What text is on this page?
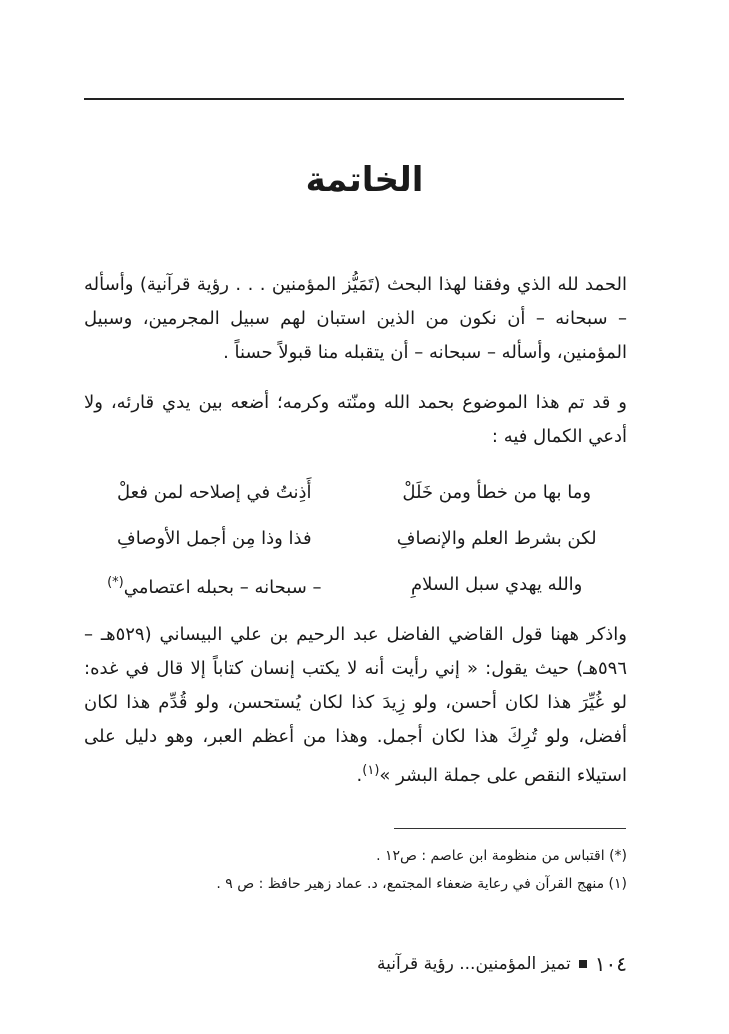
الخاتمة

الحمد لله الذي وفقنا لهذا البحث (تَمَيُّز المؤمنين . . . رؤية قرآنية) وأسأله – سبحانه – أن نكون من الذين استبان لهم سبيل المجرمين، وسبيل المؤمنين، وأسأله – سبحانه – أن يتقبله منا قبولاً حسناً .

و قد تم هذا الموضوع بحمد الله ومنّته وكرمه؛ أضعه بين يدي قارئه، ولا أدعي الكمال فيه :

وما بها من خطأ ومن خَلَلْ
أَذِنتُ في إصلاحه لمن فعلْ
لكن بشرط العلم والإنصافِ
فذا وذا مِن أجمل الأوصافِ
والله يهدي سبل السلامِ
– سبحانه – بحبله اعتصامي(*)

واذكر ههنا قول القاضي الفاضل عبد الرحيم بن علي البيساني (٥٢٩هـ – ٥٩٦هـ) حيث يقول: « إني رأيت أنه لا يكتب إنسان كتاباً إلا قال في غده: لو غُيِّرَ هذا لكان أحسن، ولو زِيدَ كذا لكان يُستحسن، ولو قُدِّم هذا لكان أفضل، ولو تُرِكَ هذا لكان أجمل. وهذا من أعظم العبر، وهو دليل على استيلاء النقص على جملة البشر »$^{(١)}$.

(*) اقتباس من منظومة ابن عاصم : ص١٢ .
(١) منهج القرآن في رعاية ضعفاء المجتمع، د. عماد زهير حافظ : ص ٩ .
١٠٤
تميز المؤمنين... رؤية قرآنية
